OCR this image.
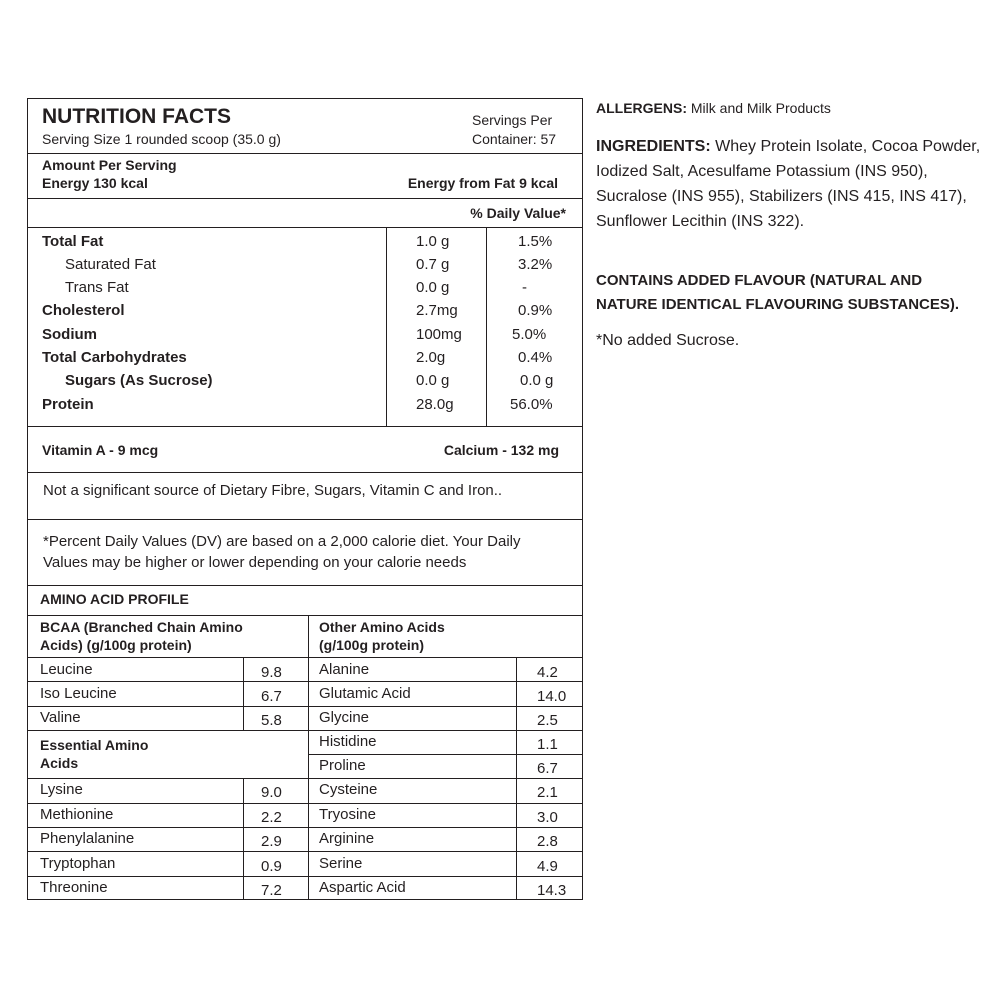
NUTRITION FACTS
Serving Size 1 rounded scoop (35.0 g)
Servings Per
Container: 57
Amount Per Serving
Energy 130 kcal	Energy from Fat 9 kcal
% Daily Value*
Total Fat	1.0 g	1.5%
Saturated Fat	0.7 g	3.2%
Trans Fat	0.0 g	-
Cholesterol	2.7mg	0.9%
Sodium	100mg	5.0%
Total Carbohydrates	2.0g	0.4%
Sugars (As Sucrose)	0.0 g	0.0 g
Protein	28.0g	56.0%
Vitamin A - 9 mcg	Calcium - 132 mg
Not a significant source of Dietary Fibre, Sugars, Vitamin C and Iron..
*Percent Daily Values (DV) are based on a 2,000 calorie diet. Your Daily
Values may be higher or lower depending on your calorie needs
AMINO ACID PROFILE
BCAA (Branched Chain Amino
Acids) (g/100g protein)
Other Amino Acids
(g/100g protein)
Leucine	9.8
Iso Leucine	6.7
Valine	5.8
Essential Amino
Acids
Lysine	9.0
Methionine	2.2
Phenylalanine	2.9
Tryptophan	0.9
Threonine	7.2
Alanine	4.2
Glutamic Acid	14.0
Glycine	2.5
Histidine	1.1
Proline	6.7
Cysteine	2.1
Tryosine	3.0
Arginine	2.8
Serine	4.9
Aspartic Acid	14.3
ALLERGENS: Milk and Milk Products
INGREDIENTS: Whey Protein Isolate, Cocoa Powder, Iodized Salt, Acesulfame Potassium (INS 950), Sucralose (INS 955), Stabilizers (INS 415, INS 417), Sunflower Lecithin (INS 322).
CONTAINS ADDED FLAVOUR (NATURAL AND
NATURE IDENTICAL FLAVOURING SUBSTANCES).
*No added Sucrose.
